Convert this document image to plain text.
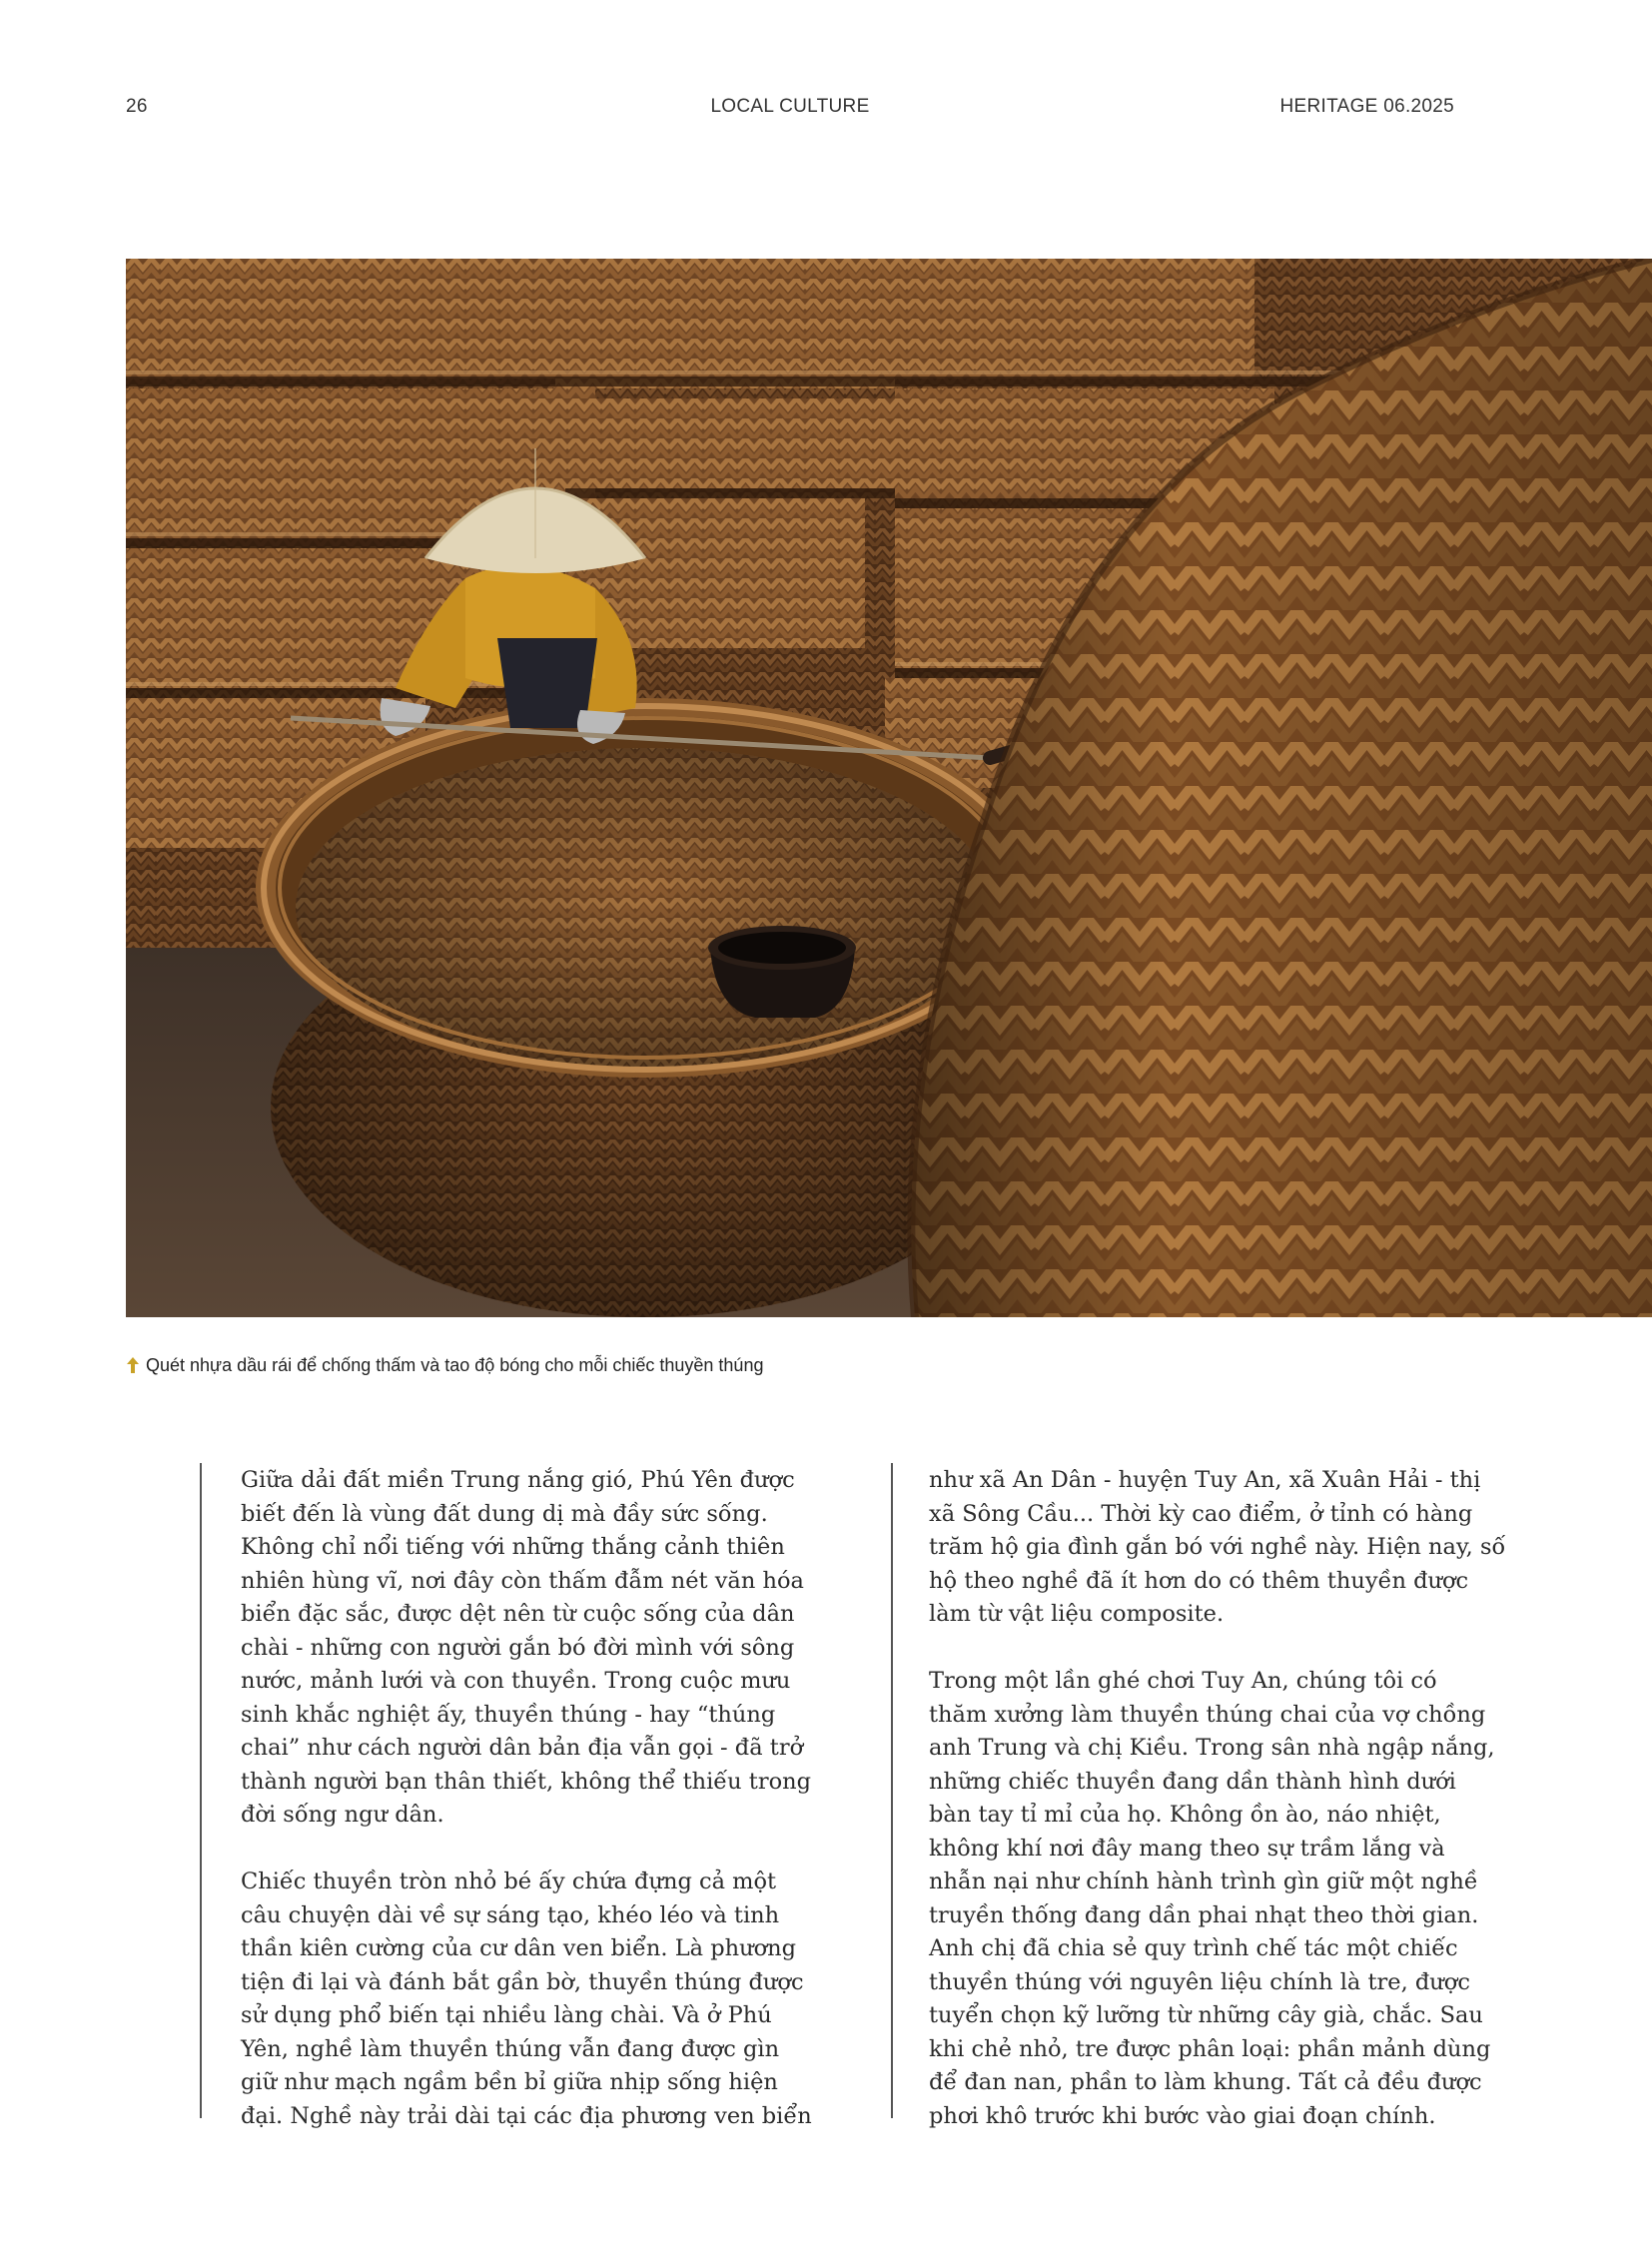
26	LOCAL CULTURE	HERITAGE 06.2025
Quét nhựa dầu rái để chống thấm và tao độ bóng cho mỗi chiếc thuyền thúng

Giữa dải đất miền Trung nắng gió, Phú Yên được
biết đến là vùng đất dung dị mà đầy sức sống.
Không chỉ nổi tiếng với những thắng cảnh thiên
nhiên hùng vĩ, nơi đây còn thấm đẫm nét văn hóa
biển đặc sắc, được dệt nên từ cuộc sống của dân
chài - những con người gắn bó đời mình với sông
nước, mảnh lưới và con thuyền. Trong cuộc mưu
sinh khắc nghiệt ấy, thuyền thúng - hay “thúng
chai” như cách người dân bản địa vẫn gọi - đã trở
thành người bạn thân thiết, không thể thiếu trong
đời sống ngư dân.

Chiếc thuyền tròn nhỏ bé ấy chứa đựng cả một
câu chuyện dài về sự sáng tạo, khéo léo và tinh
thần kiên cường của cư dân ven biển. Là phương
tiện đi lại và đánh bắt gần bờ, thuyền thúng được
sử dụng phổ biến tại nhiều làng chài. Và ở Phú
Yên, nghề làm thuyền thúng vẫn đang được gìn
giữ như mạch ngầm bền bỉ giữa nhịp sống hiện
đại. Nghề này trải dài tại các địa phương ven biển

như xã An Dân - huyện Tuy An, xã Xuân Hải - thị
xã Sông Cầu... Thời kỳ cao điểm, ở tỉnh có hàng
trăm hộ gia đình gắn bó với nghề này. Hiện nay, số
hộ theo nghề đã ít hơn do có thêm thuyền được
làm từ vật liệu composite.

Trong một lần ghé chơi Tuy An, chúng tôi có
thăm xưởng làm thuyền thúng chai của vợ chồng
anh Trung và chị Kiều. Trong sân nhà ngập nắng,
những chiếc thuyền đang dần thành hình dưới
bàn tay tỉ mỉ của họ. Không ồn ào, náo nhiệt,
không khí nơi đây mang theo sự trầm lắng và
nhẫn nại như chính hành trình gìn giữ một nghề
truyền thống đang dần phai nhạt theo thời gian.
Anh chị đã chia sẻ quy trình chế tác một chiếc
thuyền thúng với nguyên liệu chính là tre, được
tuyển chọn kỹ lưỡng từ những cây già, chắc. Sau
khi chẻ nhỏ, tre được phân loại: phần mảnh dùng
để đan nan, phần to làm khung. Tất cả đều được
phơi khô trước khi bước vào giai đoạn chính.
